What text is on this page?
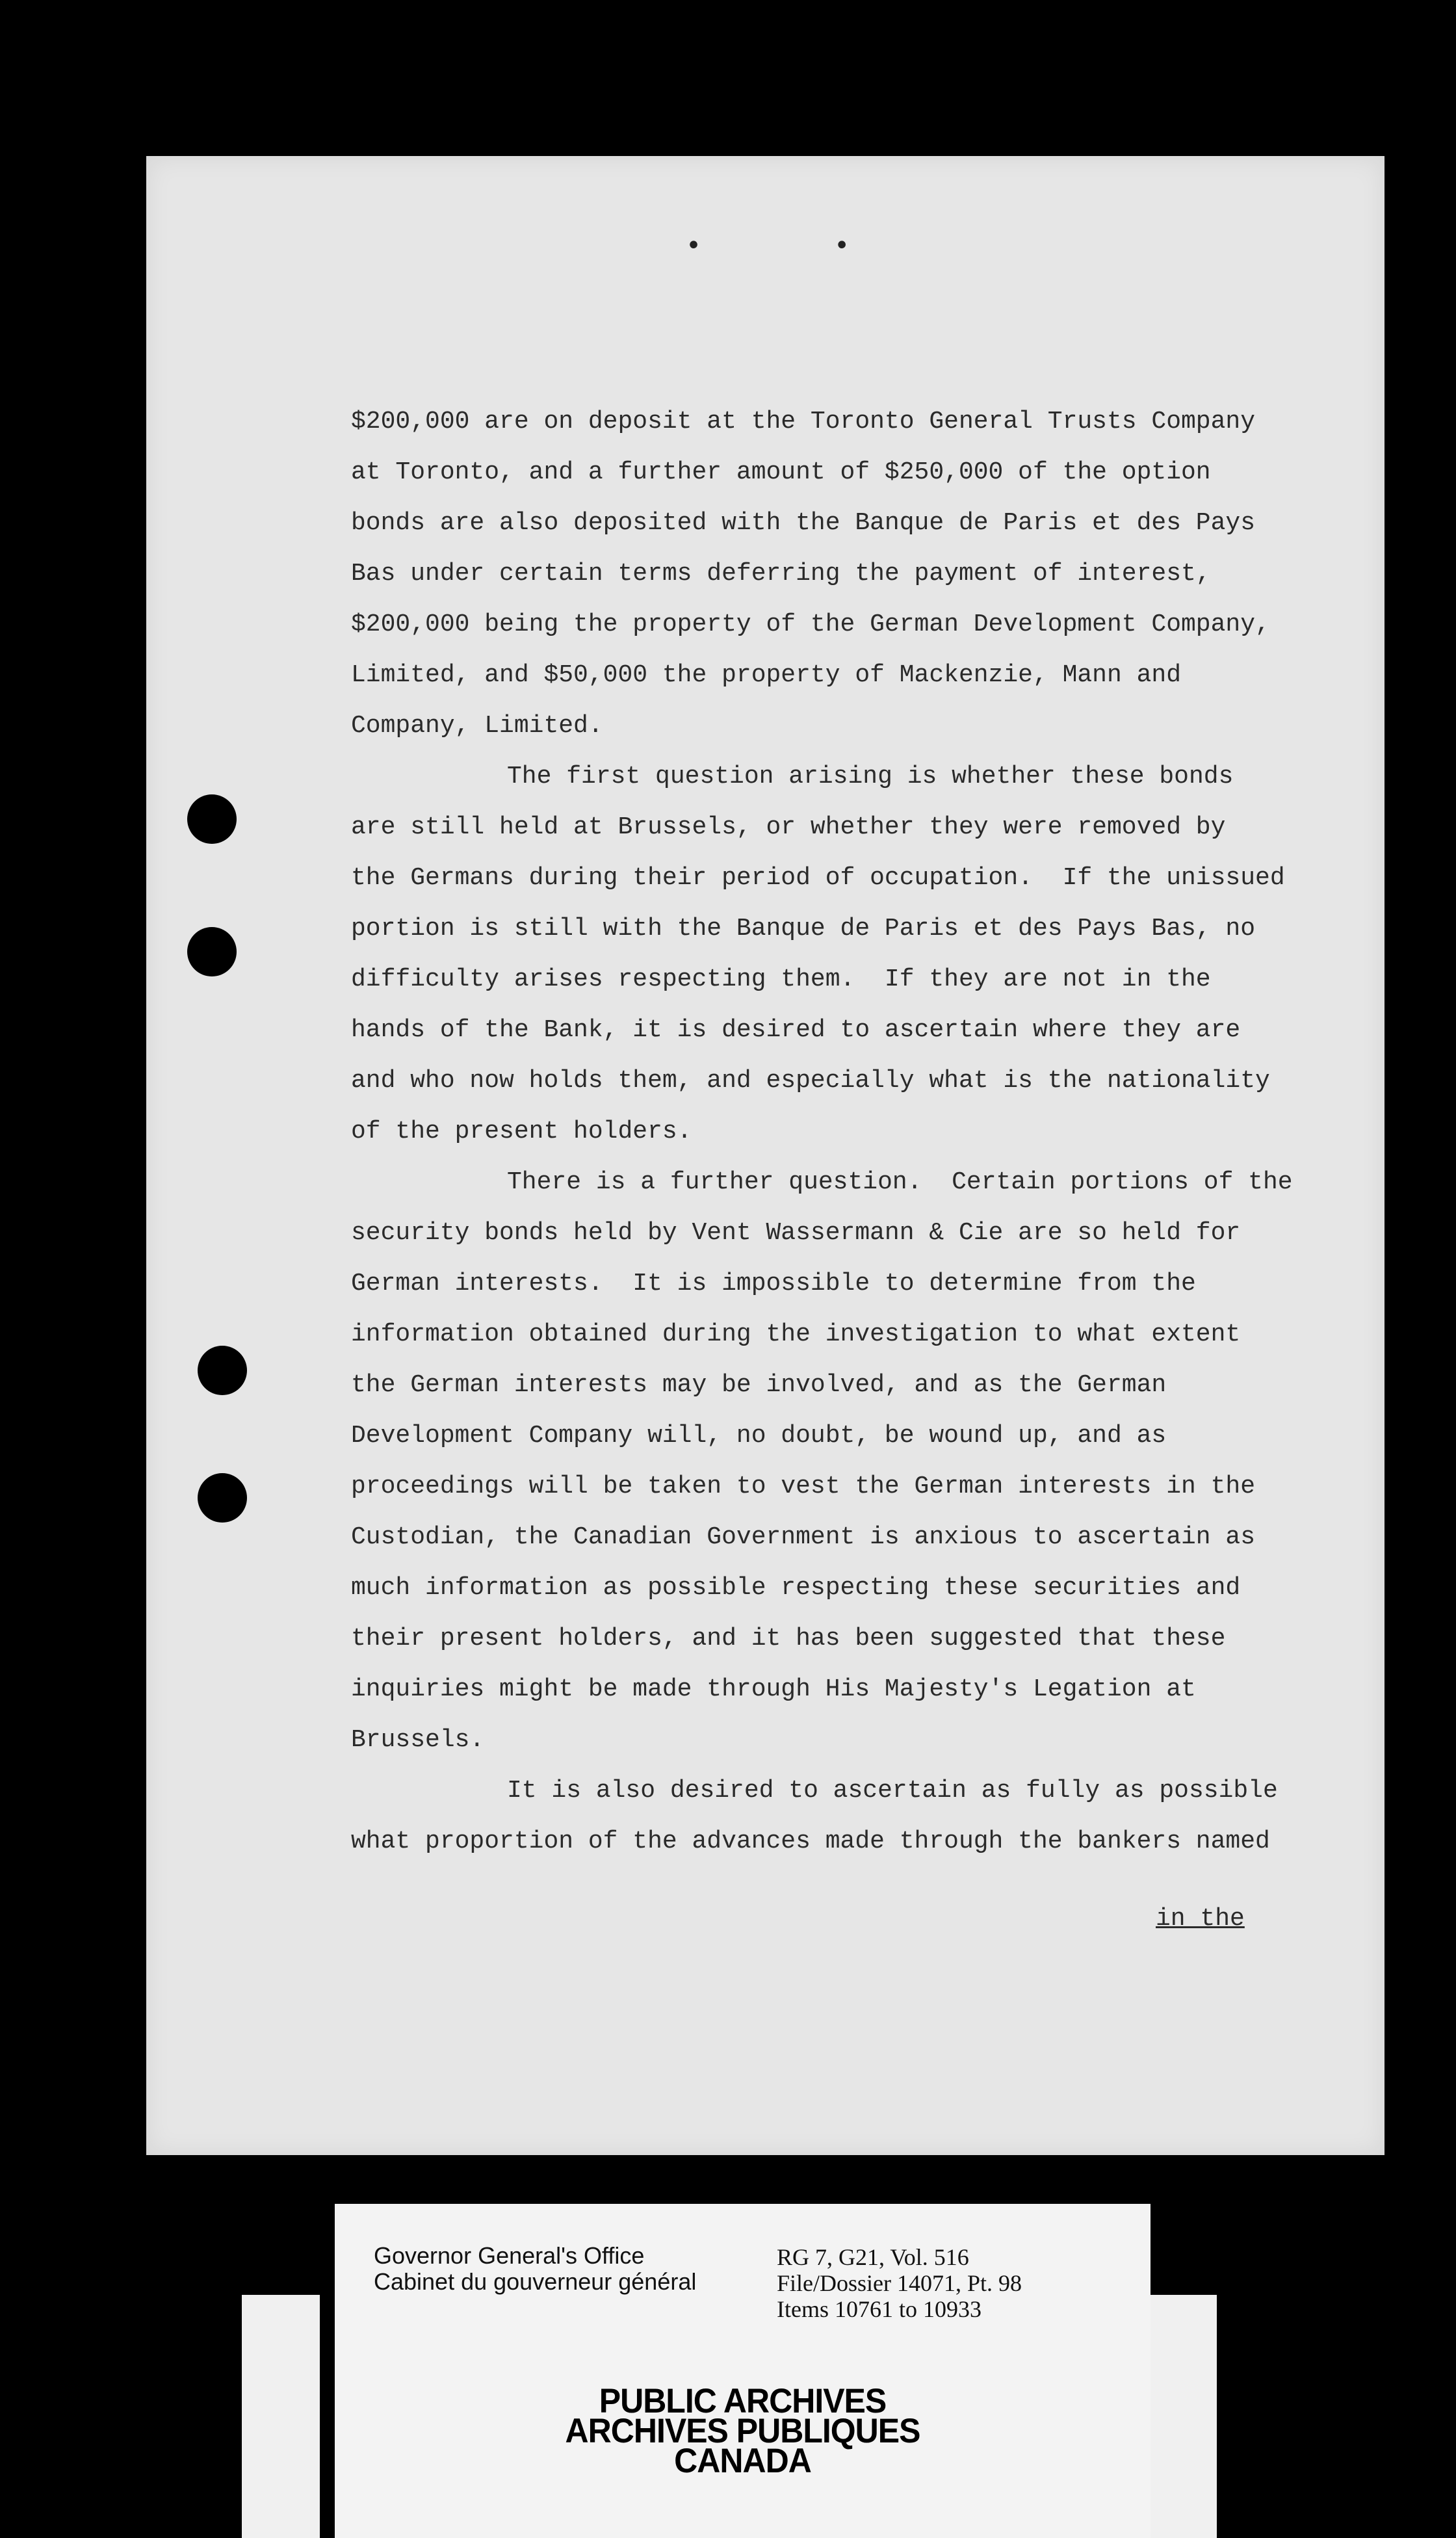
• •

$200,000 are on deposit at the Toronto General Trusts Company

at Toronto, and a further amount of $250,000 of the option

bonds are also deposited with the Banque de Paris et des Pays

Bas under certain terms deferring the payment of interest,

$200,000 being the property of the German Development Company,

Limited, and $50,000 the property of Mackenzie, Mann and

Company, Limited.

The first question arising is whether these bonds

are still held at Brussels, or whether they were removed by

the Germans during their period of occupation.  If the unissued

portion is still with the Banque de Paris et des Pays Bas, no

difficulty arises respecting them.  If they are not in the

hands of the Bank, it is desired to ascertain where they are

and who now holds them, and especially what is the nationality

of the present holders.

There is a further question.  Certain portions of the

security bonds held by Vent Wassermann & Cie are so held for

German interests.  It is impossible to determine from the

information obtained during the investigation to what extent

the German interests may be involved, and as the German

Development Company will, no doubt, be wound up, and as

proceedings will be taken to vest the German interests in the

Custodian, the Canadian Government is anxious to ascertain as

much information as possible respecting these securities and

their present holders, and it has been suggested that these

inquiries might be made through His Majesty's Legation at

Brussels.

It is also desired to ascertain as fully as possible

what proportion of the advances made through the bankers named

in the
Governor General's Office
Cabinet du gouverneur général
RG 7, G21, Vol. 516
File/Dossier 14071, Pt. 98
Items 10761 to 10933
PUBLIC ARCHIVES
ARCHIVES PUBLIQUES
CANADA
